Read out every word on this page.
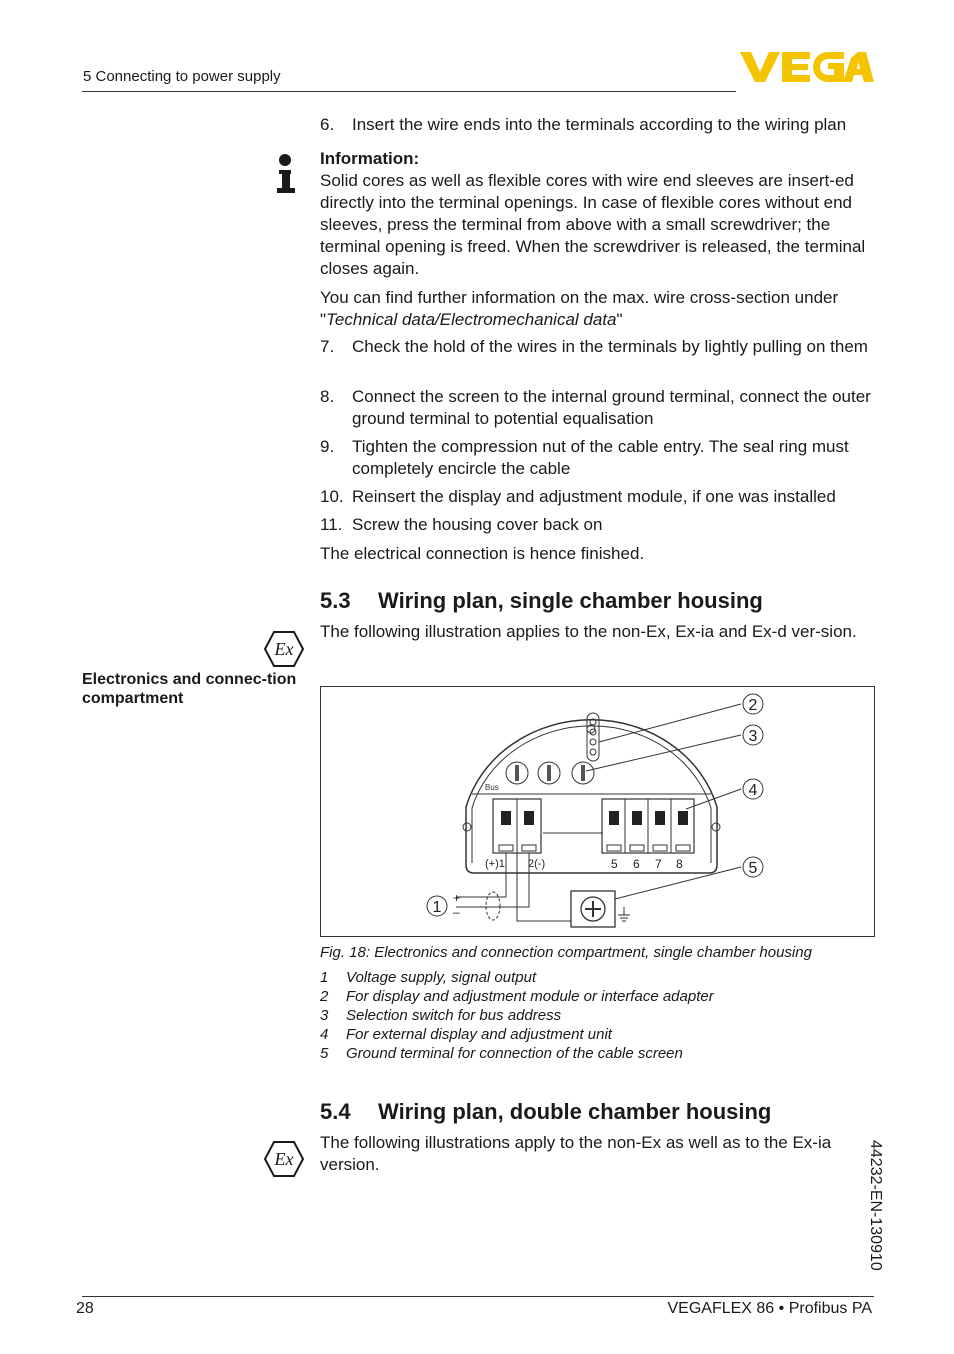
5 Connecting to power supply
6. Insert the wire ends into the terminals according to the wiring plan
Information:
Solid cores as well as flexible cores with wire end sleeves are insert-ed directly into the terminal openings. In case of flexible cores without end sleeves, press the terminal from above with a small screwdriver; the terminal opening is freed. When the screwdriver is released, the terminal closes again.
You can find further information on the max. wire cross-section under "Technical data/Electromechanical data"
7. Check the hold of the wires in the terminals by lightly pulling on them
8. Connect the screen to the internal ground terminal, connect the outer ground terminal to potential equalisation
9. Tighten the compression nut of the cable entry. The seal ring must completely encircle the cable
10. Reinsert the display and adjustment module, if one was installed
11. Screw the housing cover back on
The electrical connection is hence finished.
5.3 Wiring plan, single chamber housing
Ex
The following illustration applies to the non-Ex, Ex-ia and Ex-d ver-sion.
Electronics and connec-tion compartment
Bus
(+)1 2(-)	5 6 7 8
+
–
2
3
4
5
1
Fig. 18: Electronics and connection compartment, single chamber housing
1 Voltage supply, signal output
2 For display and adjustment module or interface adapter
3 Selection switch for bus address
4 For external display and adjustment unit
5 Ground terminal for connection of the cable screen
5.4 Wiring plan, double chamber housing
Ex
The following illustrations apply to the non-Ex as well as to the Ex-ia version.	44232-EN-130910
28	VEGAFLEX 86 • Profibus PA
